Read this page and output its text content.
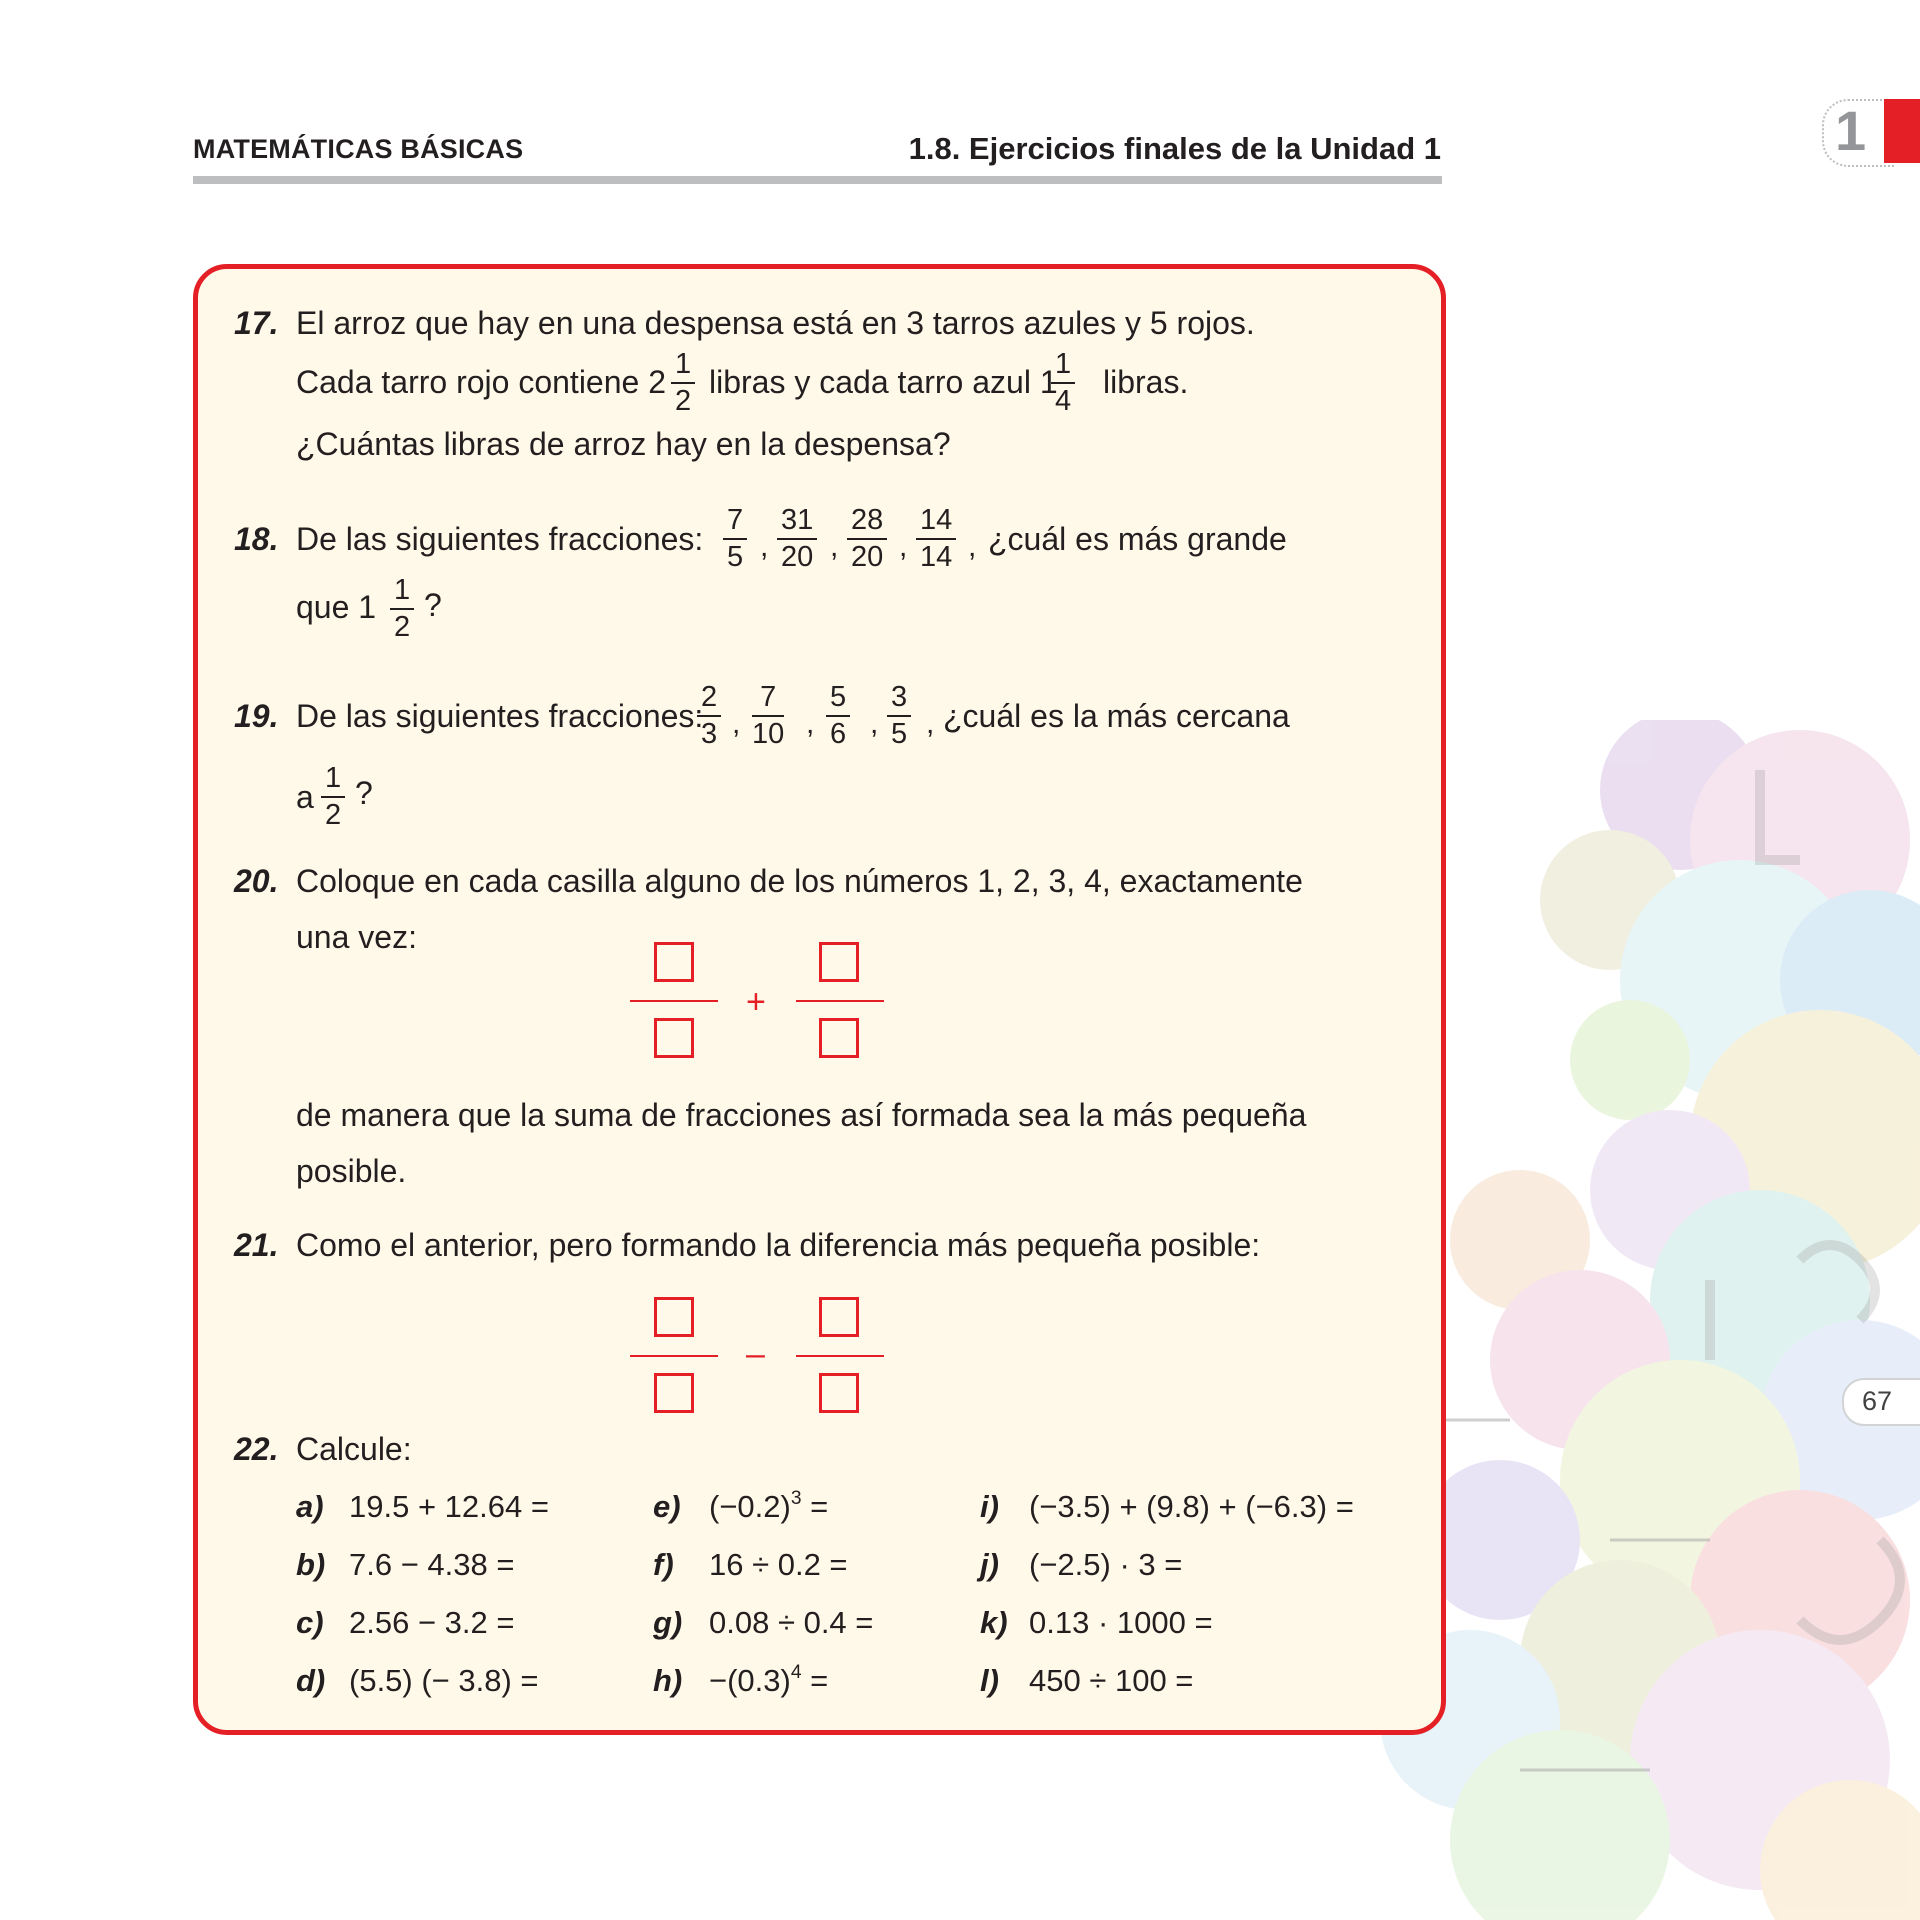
MATEMÁTICAS BÁSICAS	1.8. Ejercicios finales de la Unidad 1	1
67
17. El arroz que hay en una despensa está en 3 tarros azules y 5 rojos.
Cada tarro rojo contiene $2 \frac{1}{2}$ libras y cada tarro azul 1
$\frac{1}{4}$ libras.
¿Cuántas libras de arroz hay en la despensa?
18. De las siguientes fracciones: $\frac{7}{5}$ , $\frac{31}{20}$ , $\frac{28}{20}$ , $\frac{14}{14}$ , ¿cuál es más grande
que $1 \frac{1}{2}$ ?
19. De las siguientes fracciones:
$\frac{2}{3}$ , $\frac{7}{10}$ , $\frac{5}{6}$ , $\frac{3}{5}$ , ¿cuál es la más cercana
a $\frac{1}{2}$ ?
20. Coloque en cada casilla alguno de los números 1, 2, 3, 4, exactamente
una vez:
+
de manera que la suma de fracciones así formada sea la más pequeña
posible.
21. Como el anterior, pero formando la diferencia más pequeña posible:
–
22. Calcule:
a) 19.5 + 12.64 =
b) 7.6 − 4.38 =
c) 2.56 − 3.2 =
d) (5.5) (− 3.8) =
e) $(-0.2)^3$ =
f) 16 ÷ 0.2 =
g) 0.08 ÷ 0.4 =
$h) -(0.3)^4$ =
i) (−3.5) + (9.8) + (−6.3) =
j) (−2.5) · 3 =
k) 0.13 · 1000 =
l) 450 ÷ 100 =
